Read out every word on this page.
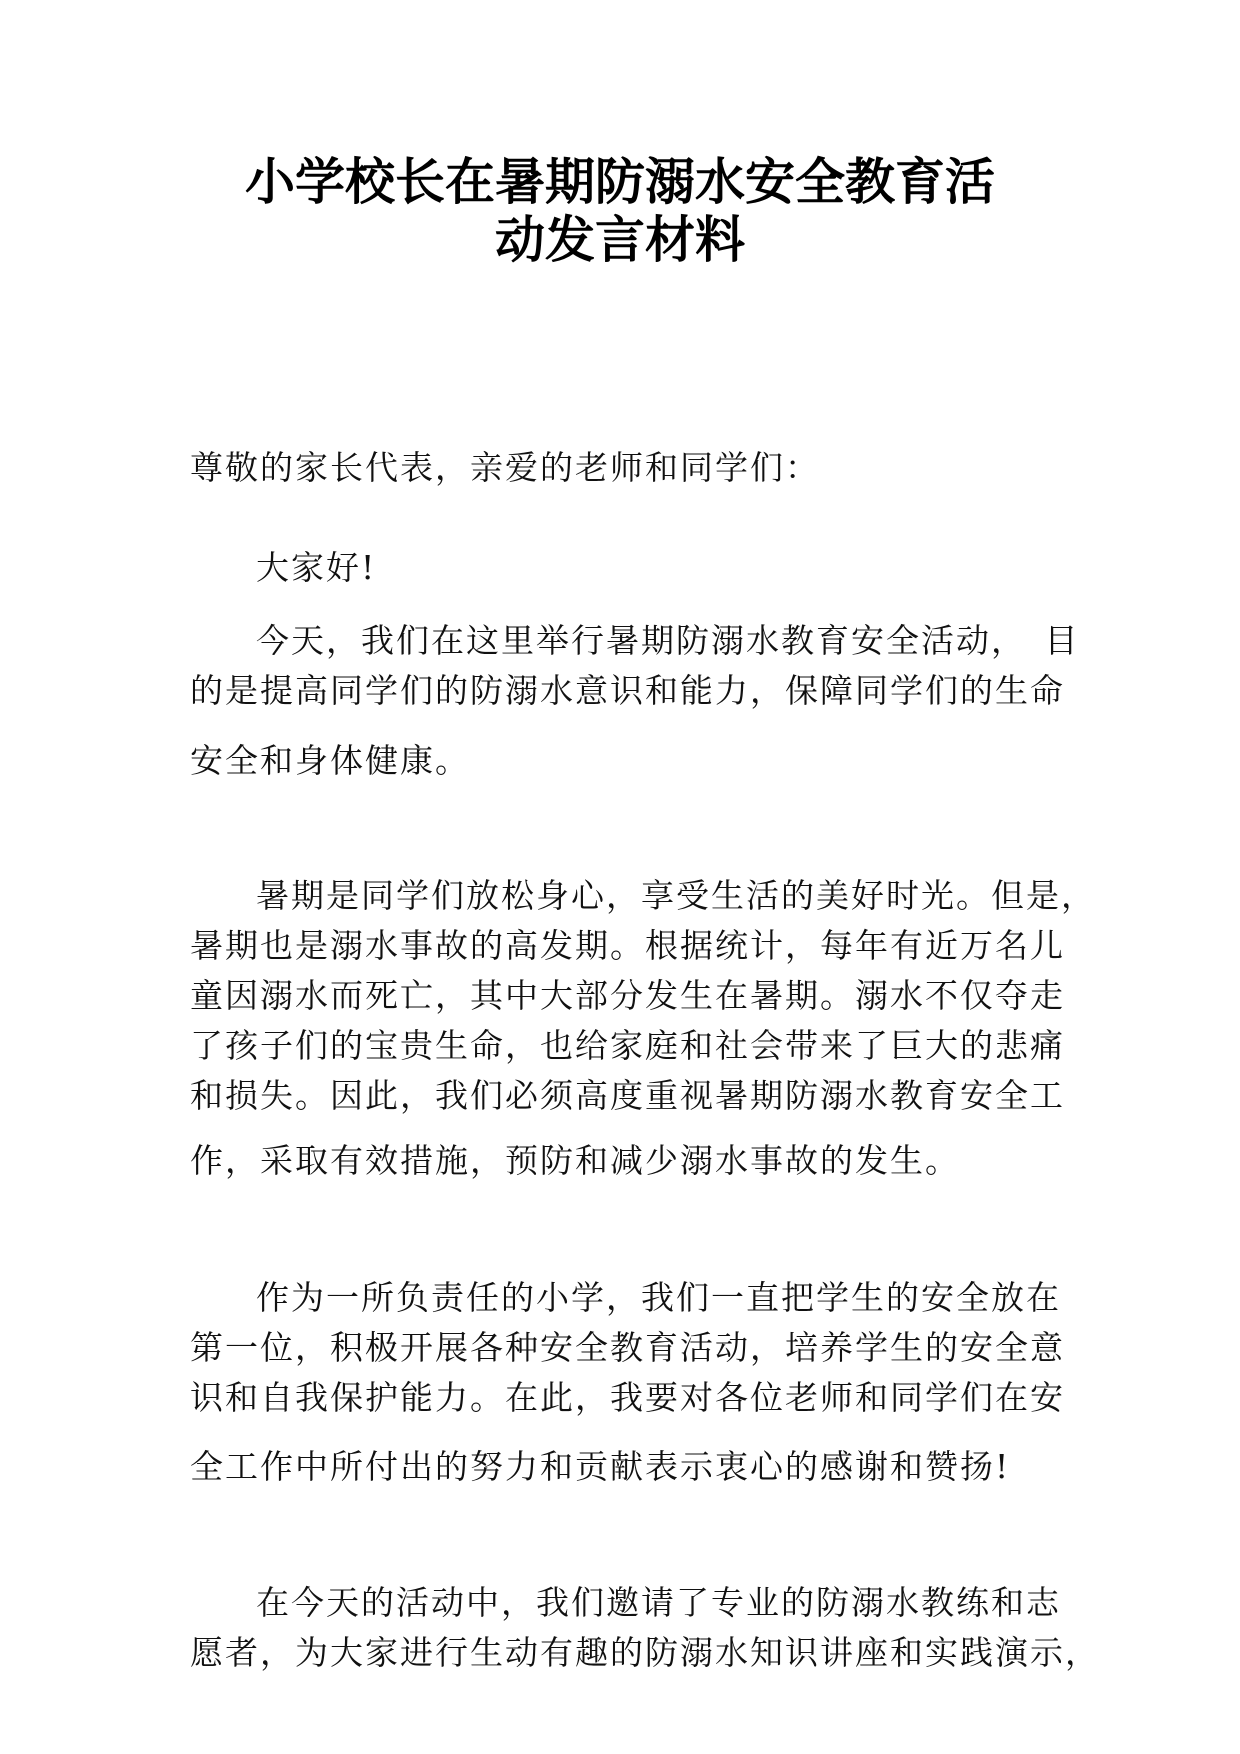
小学校长在暑期防溺水安全教育活
动发言材料
尊敬的家长代表，亲爱的老师和同学们：
大家好!
今天，我们在这里举行暑期防溺水教育安全活动，　目
的是提高同学们的防溺水意识和能力，保障同学们的生命
安全和身体健康。
暑期是同学们放松身心，享受生活的美好时光。但是，
暑期也是溺水事故的高发期。根据统计，每年有近万名儿
童因溺水而死亡，其中大部分发生在暑期。溺水不仅夺走
了孩子们的宝贵生命，也给家庭和社会带来了巨大的悲痛
和损失。因此，我们必须高度重视暑期防溺水教育安全工
作，采取有效措施，预防和减少溺水事故的发生。
作为一所负责任的小学，我们一直把学生的安全放在
第一位，积极开展各种安全教育活动，培养学生的安全意
识和自我保护能力。在此，我要对各位老师和同学们在安
全工作中所付出的努力和贡献表示衷心的感谢和赞扬!
在今天的活动中，我们邀请了专业的防溺水教练和志
愿者，为大家进行生动有趣的防溺水知识讲座和实践演示，
